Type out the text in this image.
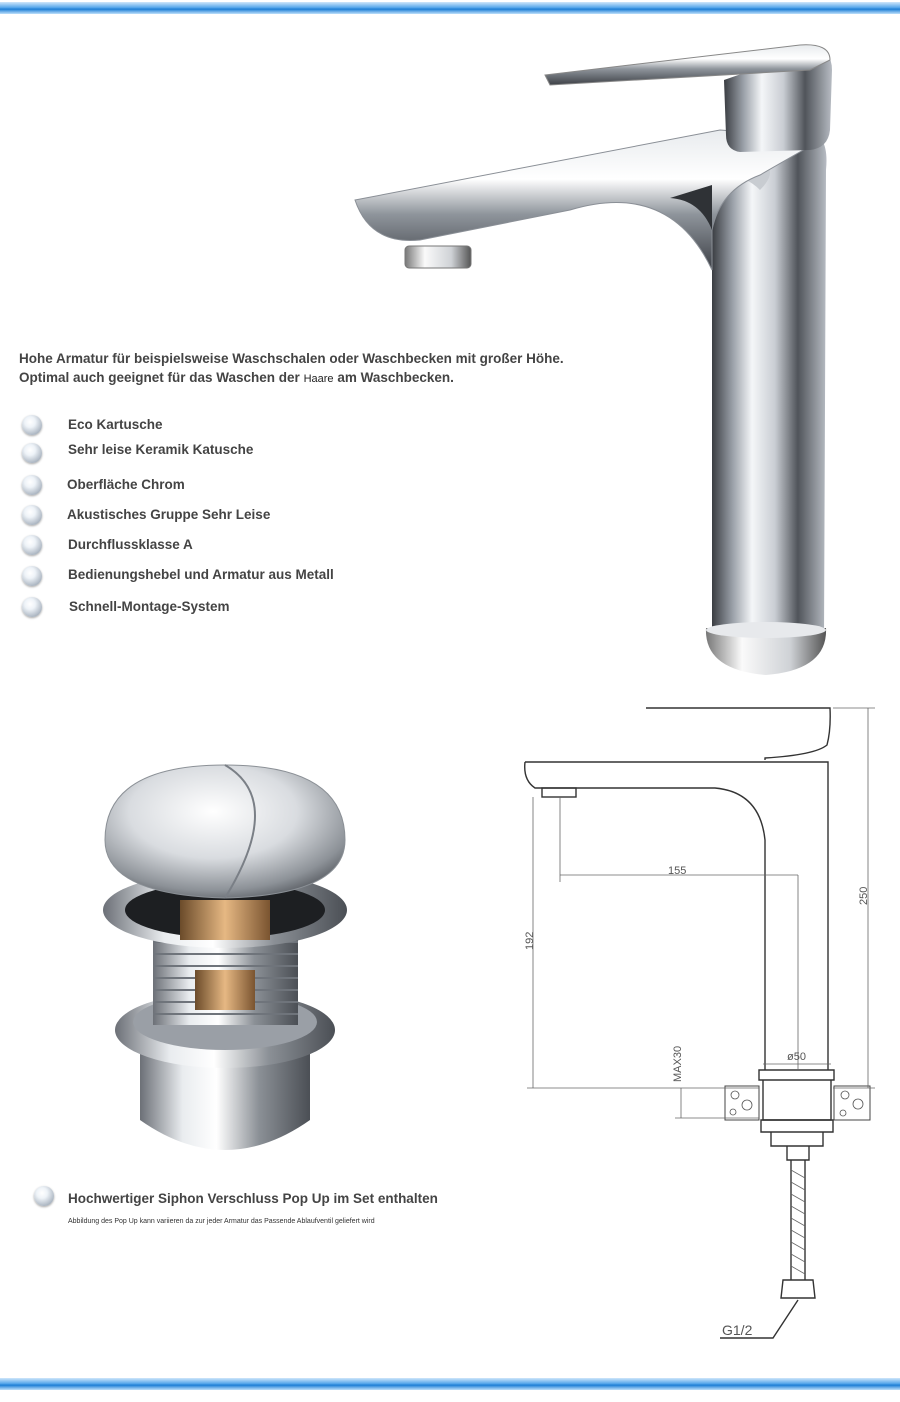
Hohe Armatur für beispielsweise Waschschalen oder Waschbecken mit großer Höhe.
Optimal auch geeignet für das Waschen der Haare am Waschbecken.
Eco Kartusche
Sehr leise Keramik Katusche
Oberfläche Chrom
Akustisches Gruppe Sehr Leise
Durchflussklasse A
Bedienungshebel und Armatur aus Metall
Schnell-Montage-System
155
192
250
ø50
MAX30
G1/2
Hochwertiger Siphon Verschluss Pop Up im Set enthalten
Abbildung des Pop Up kann variieren da zur jeder Armatur das Passende Ablaufventil geliefert wird
